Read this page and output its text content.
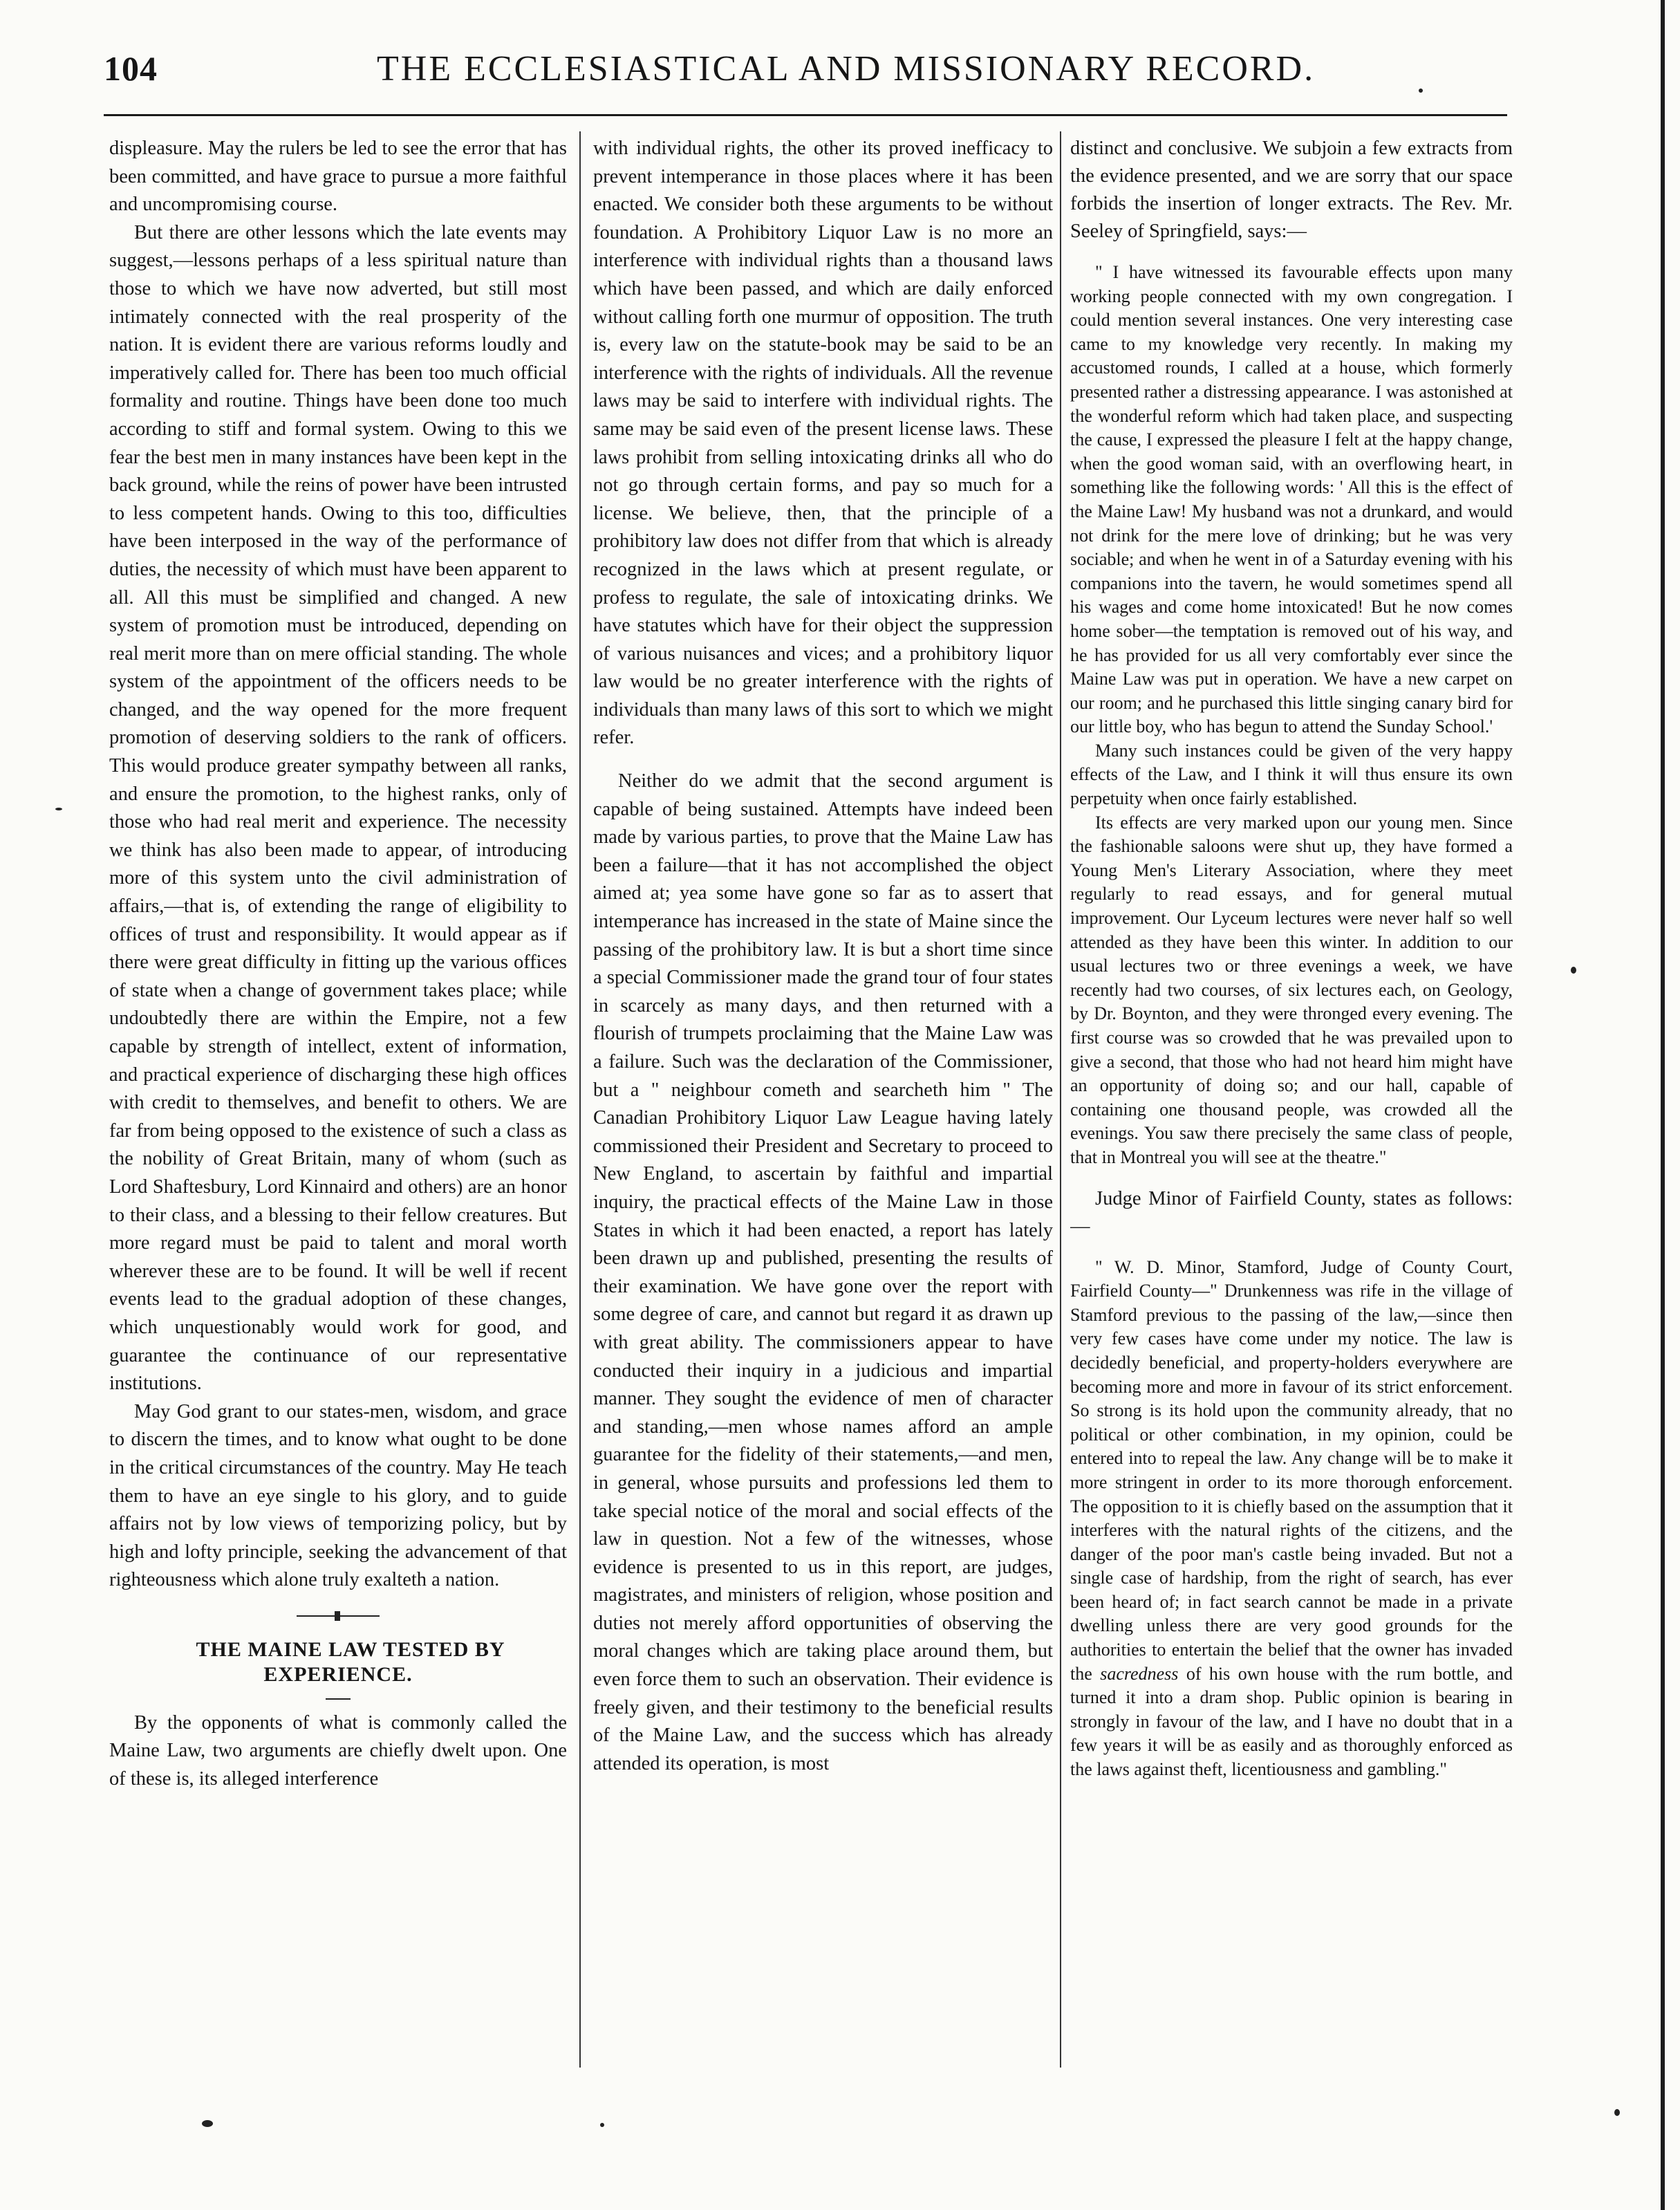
104	THE ECCLESIASTICAL AND MISSIONARY RECORD.

displeasure. May the rulers be led to see the error that has been committed, and have grace to pursue a more faithful and uncompromising course.

But there are other lessons which the late events may suggest,—lessons perhaps of a less spiritual nature than those to which we have now adverted, but still most intimately connected with the real prosperity of the nation. It is evident there are various reforms loudly and imperatively called for. There has been too much official formality and routine. Things have been done too much according to stiff and formal system. Owing to this we fear the best men in many instances have been kept in the back ground, while the reins of power have been intrusted to less competent hands. Owing to this too, difficulties have been interposed in the way of the performance of duties, the necessity of which must have been apparent to all. All this must be simplified and changed. A new system of promotion must be introduced, depending on real merit more than on mere official standing. The whole system of the appointment of the officers needs to be changed, and the way opened for the more frequent promotion of deserving soldiers to the rank of officers. This would produce greater sympathy between all ranks, and ensure the promotion, to the highest ranks, only of those who had real merit and experience. The necessity we think has also been made to appear, of introducing more of this system unto the civil administration of affairs,—that is, of extending the range of eligibility to offices of trust and responsibility. It would appear as if there were great difficulty in fitting up the various offices of state when a change of government takes place; while undoubtedly there are within the Empire, not a few capable by strength of intellect, extent of information, and practical experience of discharging these high offices with credit to themselves, and benefit to others. We are far from being opposed to the existence of such a class as the nobility of Great Britain, many of whom (such as Lord Shaftesbury, Lord Kinnaird and others) are an honor to their class, and a blessing to their fellow creatures. But more regard must be paid to talent and moral worth wherever these are to be found. It will be well if recent events lead to the gradual adoption of these changes, which unquestionably would work for good, and guarantee the continuance of our representative institutions.

May God grant to our states-men, wisdom, and grace to discern the times, and to know what ought to be done in the critical circumstances of the country. May He teach them to have an eye single to his glory, and to guide affairs not by low views of temporizing policy, but by high and lofty principle, seeking the advancement of that righteousness which alone truly exalteth a nation.

THE MAINE LAW TESTED BY EXPERIENCE.

By the opponents of what is commonly called the Maine Law, two arguments are chiefly dwelt upon. One of these is, its alleged interference

with individual rights, the other its proved inefficacy to prevent intemperance in those places where it has been enacted. We consider both these arguments to be without foundation. A Prohibitory Liquor Law is no more an interference with individual rights than a thousand laws which have been passed, and which are daily enforced without calling forth one murmur of opposition. The truth is, every law on the statute-book may be said to be an interference with the rights of individuals. All the revenue laws may be said to interfere with individual rights. The same may be said even of the present license laws. These laws prohibit from selling intoxicating drinks all who do not go through certain forms, and pay so much for a license. We believe, then, that the principle of a prohibitory law does not differ from that which is already recognized in the laws which at present regulate, or profess to regulate, the sale of intoxicating drinks. We have statutes which have for their object the suppression of various nuisances and vices; and a prohibitory liquor law would be no greater interference with the rights of individuals than many laws of this sort to which we might refer.

Neither do we admit that the second argument is capable of being sustained. Attempts have indeed been made by various parties, to prove that the Maine Law has been a failure—that it has not accomplished the object aimed at; yea some have gone so far as to assert that intemperance has increased in the state of Maine since the passing of the prohibitory law. It is but a short time since a special Commissioner made the grand tour of four states in scarcely as many days, and then returned with a flourish of trumpets proclaiming that the Maine Law was a failure. Such was the declaration of the Commissioner, but a " neighbour cometh and searcheth him " The Canadian Prohibitory Liquor Law League having lately commissioned their President and Secretary to proceed to New England, to ascertain by faithful and impartial inquiry, the practical effects of the Maine Law in those States in which it had been enacted, a report has lately been drawn up and published, presenting the results of their examination. We have gone over the report with some degree of care, and cannot but regard it as drawn up with great ability. The commissioners appear to have conducted their inquiry in a judicious and impartial manner. They sought the evidence of men of character and standing,—men whose names afford an ample guarantee for the fidelity of their statements,—and men, in general, whose pursuits and professions led them to take special notice of the moral and social effects of the law in question. Not a few of the witnesses, whose evidence is presented to us in this report, are judges, magistrates, and ministers of religion, whose position and duties not merely afford opportunities of observing the moral changes which are taking place around them, but even force them to such an observation. Their evidence is freely given, and their testimony to the beneficial results of the Maine Law, and the success which has already attended its operation, is most

distinct and conclusive. We subjoin a few extracts from the evidence presented, and we are sorry that our space forbids the insertion of longer extracts. The Rev. Mr. Seeley of Springfield, says:—

" I have witnessed its favourable effects upon many working people connected with my own congregation. I could mention several instances. One very interesting case came to my knowledge very recently. In making my accustomed rounds, I called at a house, which formerly presented rather a distressing appearance. I was astonished at the wonderful reform which had taken place, and suspecting the cause, I expressed the pleasure I felt at the happy change, when the good woman said, with an overflowing heart, in something like the following words: ' All this is the effect of the Maine Law! My husband was not a drunkard, and would not drink for the mere love of drinking; but he was very sociable; and when he went in of a Saturday evening with his companions into the tavern, he would sometimes spend all his wages and come home intoxicated! But he now comes home sober—the temptation is removed out of his way, and he has provided for us all very comfortably ever since the Maine Law was put in operation. We have a new carpet on our room; and he purchased this little singing canary bird for our little boy, who has begun to attend the Sunday School.'

Many such instances could be given of the very happy effects of the Law, and I think it will thus ensure its own perpetuity when once fairly established.

Its effects are very marked upon our young men. Since the fashionable saloons were shut up, they have formed a Young Men's Literary Association, where they meet regularly to read essays, and for general mutual improvement. Our Lyceum lectures were never half so well attended as they have been this winter. In addition to our usual lectures two or three evenings a week, we have recently had two courses, of six lectures each, on Geology, by Dr. Boynton, and they were thronged every evening. The first course was so crowded that he was prevailed upon to give a second, that those who had not heard him might have an opportunity of doing so; and our hall, capable of containing one thousand people, was crowded all the evenings. You saw there precisely the same class of people, that in Montreal you will see at the theatre."

Judge Minor of Fairfield County, states as follows:—

" W. D. Minor, Stamford, Judge of County Court, Fairfield County—" Drunkenness was rife in the village of Stamford previous to the passing of the law,—since then very few cases have come under my notice. The law is decidedly beneficial, and property-holders everywhere are becoming more and more in favour of its strict enforcement. So strong is its hold upon the community already, that no political or other combination, in my opinion, could be entered into to repeal the law. Any change will be to make it more stringent in order to its more thorough enforcement. The opposition to it is chiefly based on the assumption that it interferes with the natural rights of the citizens, and the danger of the poor man's castle being invaded. But not a single case of hardship, from the right of search, has ever been heard of; in fact search cannot be made in a private dwelling unless there are very good grounds for the authorities to entertain the belief that the owner has invaded the sacredness of his own house with the rum bottle, and turned it into a dram shop. Public opinion is bearing in strongly in favour of the law, and I have no doubt that in a few years it will be as easily and as thoroughly enforced as the laws against theft, licentiousness and gambling."
